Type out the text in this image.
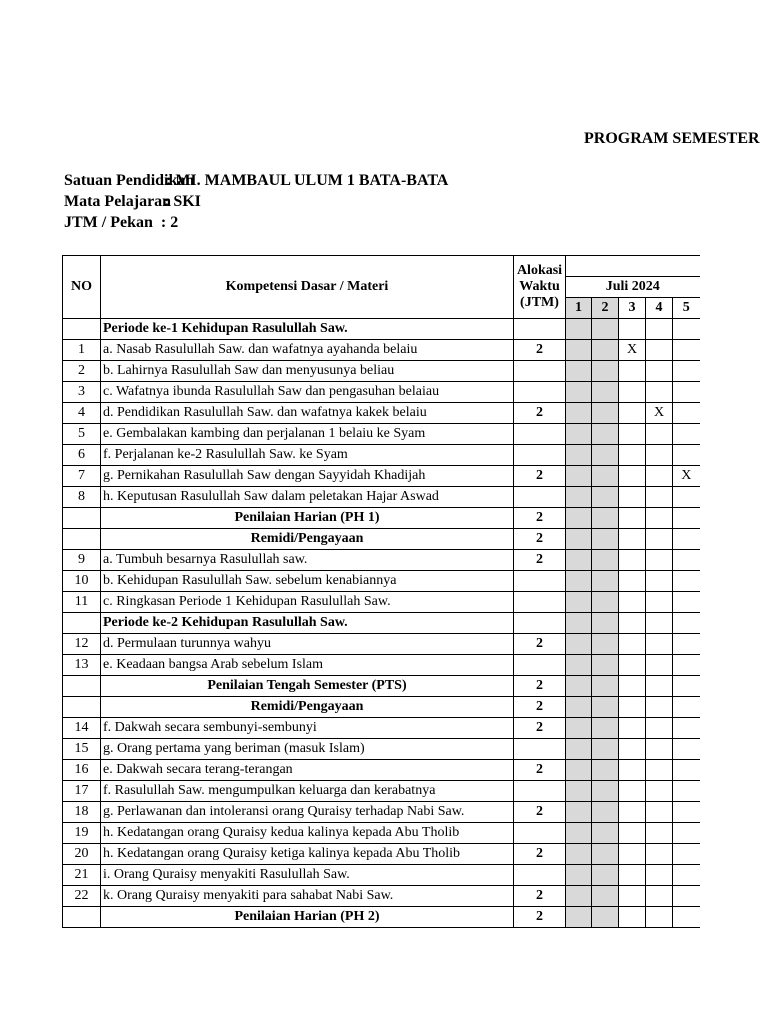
PROGRAM SEMESTER
Satuan Pendidikan: MI. MAMBAUL ULUM 1 BATA-BATA
Mata Pelajaran: SKI
JTM / Pekan  : 2
NO	Kompetensi Dasar / Materi	Alokasi Waktu (JTM)					
			Juli 2024				
			1	2	3	4	5
	Periode ke-1 Kehidupan Rasulullah Saw.						
1	a. Nasab Rasulullah Saw. dan wafatnya ayahanda belaiu	2			X		
2	b. Lahirnya Rasulullah Saw dan menyusunya beliau						
3	c. Wafatnya ibunda Rasulullah Saw dan pengasuhan belaiau						
4	d. Pendidikan Rasulullah Saw. dan wafatnya kakek belaiu	2				X	
5	e. Gembalakan kambing dan perjalanan 1 belaiu ke Syam						
6	f. Perjalanan ke-2 Rasulullah Saw. ke Syam						
7	g. Pernikahan Rasulullah Saw dengan Sayyidah Khadijah	2					X
8	h. Keputusan Rasulullah Saw dalam peletakan Hajar Aswad						
	Penilaian Harian (PH 1)	2					
	Remidi/Pengayaan	2					
9	a. Tumbuh besarnya Rasulullah saw.	2					
10	b. Kehidupan Rasulullah Saw. sebelum kenabiannya						
11	c. Ringkasan Periode 1 Kehidupan Rasulullah Saw.						
	Periode ke-2 Kehidupan Rasulullah Saw.						
12	d. Permulaan turunnya wahyu	2					
13	e. Keadaan bangsa Arab sebelum Islam						
	Penilaian Tengah Semester (PTS)	2					
	Remidi/Pengayaan	2					
14	f. Dakwah secara sembunyi-sembunyi	2					
15	g. Orang pertama yang beriman (masuk Islam)						
16	e. Dakwah secara terang-terangan	2					
17	f. Rasulullah Saw. mengumpulkan keluarga dan kerabatnya						
18	g. Perlawanan dan intoleransi orang Quraisy terhadap Nabi Saw.	2					
19	h. Kedatangan orang Quraisy kedua kalinya kepada Abu Tholib						
20	h. Kedatangan orang Quraisy ketiga kalinya kepada Abu Tholib	2					
21	i. Orang Quraisy menyakiti Rasulullah Saw.						
22	k. Orang Quraisy menyakiti para sahabat Nabi Saw.	2					
	Penilaian Harian (PH 2)	2					
